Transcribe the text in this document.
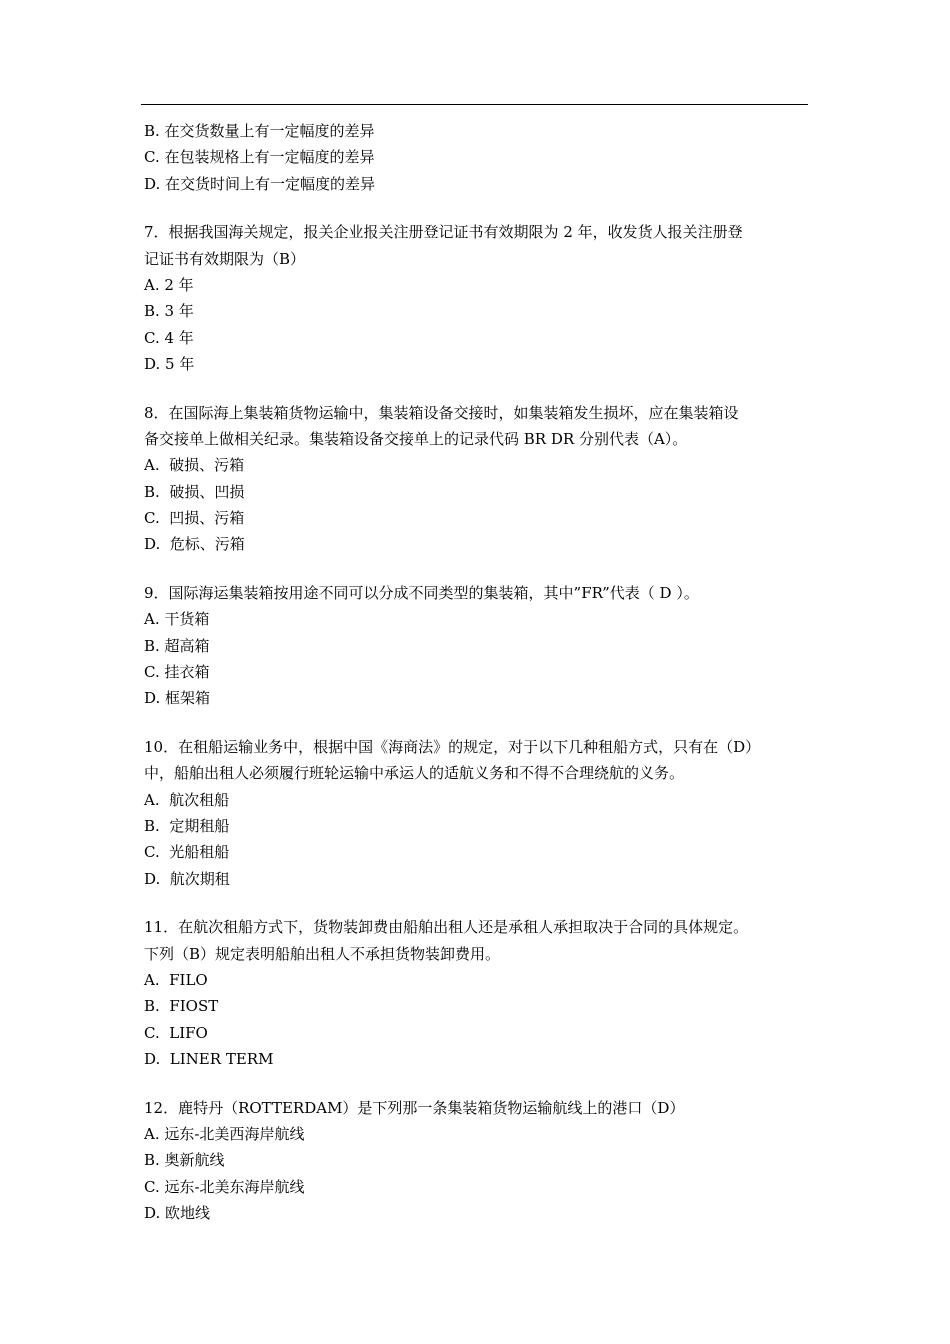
B. 在交货数量上有一定幅度的差异
C. 在包装规格上有一定幅度的差异
D. 在交货时间上有一定幅度的差异
7．根据我国海关规定，报关企业报关注册登记证书有效期限为 2 年，收发货人报关注册登
记证书有效期限为（B）
A. 2 年
B. 3 年
C. 4 年
D. 5 年
8．在国际海上集装箱货物运输中，集装箱设备交接时，如集装箱发生损坏，应在集装箱设
备交接单上做相关纪录。集装箱设备交接单上的记录代码 BR DR 分别代表（A）。
A.  破损、污箱
B.  破损、凹损
C.  凹损、污箱
D.  危标、污箱
9．国际海运集装箱按用途不同可以分成不同类型的集装箱，其中”FR”代表（ D ）。
A. 干货箱
B. 超高箱
C. 挂衣箱
D. 框架箱
10．在租船运输业务中，根据中国《海商法》的规定，对于以下几种租船方式，只有在（D）
中，船舶出租人必须履行班轮运输中承运人的适航义务和不得不合理绕航的义务。
A.  航次租船
B.  定期租船
C.  光船租船
D.  航次期租
11．在航次租船方式下，货物装卸费由船舶出租人还是承租人承担取决于合同的具体规定。
下列（B）规定表明船舶出租人不承担货物装卸费用。
A.  FILO
B.  FIOST
C.  LIFO
D.  LINER TERM
12．鹿特丹（ROTTERDAM）是下列那一条集装箱货物运输航线上的港口（D）
A. 远东-北美西海岸航线
B. 奥新航线
C. 远东-北美东海岸航线
D. 欧地线
